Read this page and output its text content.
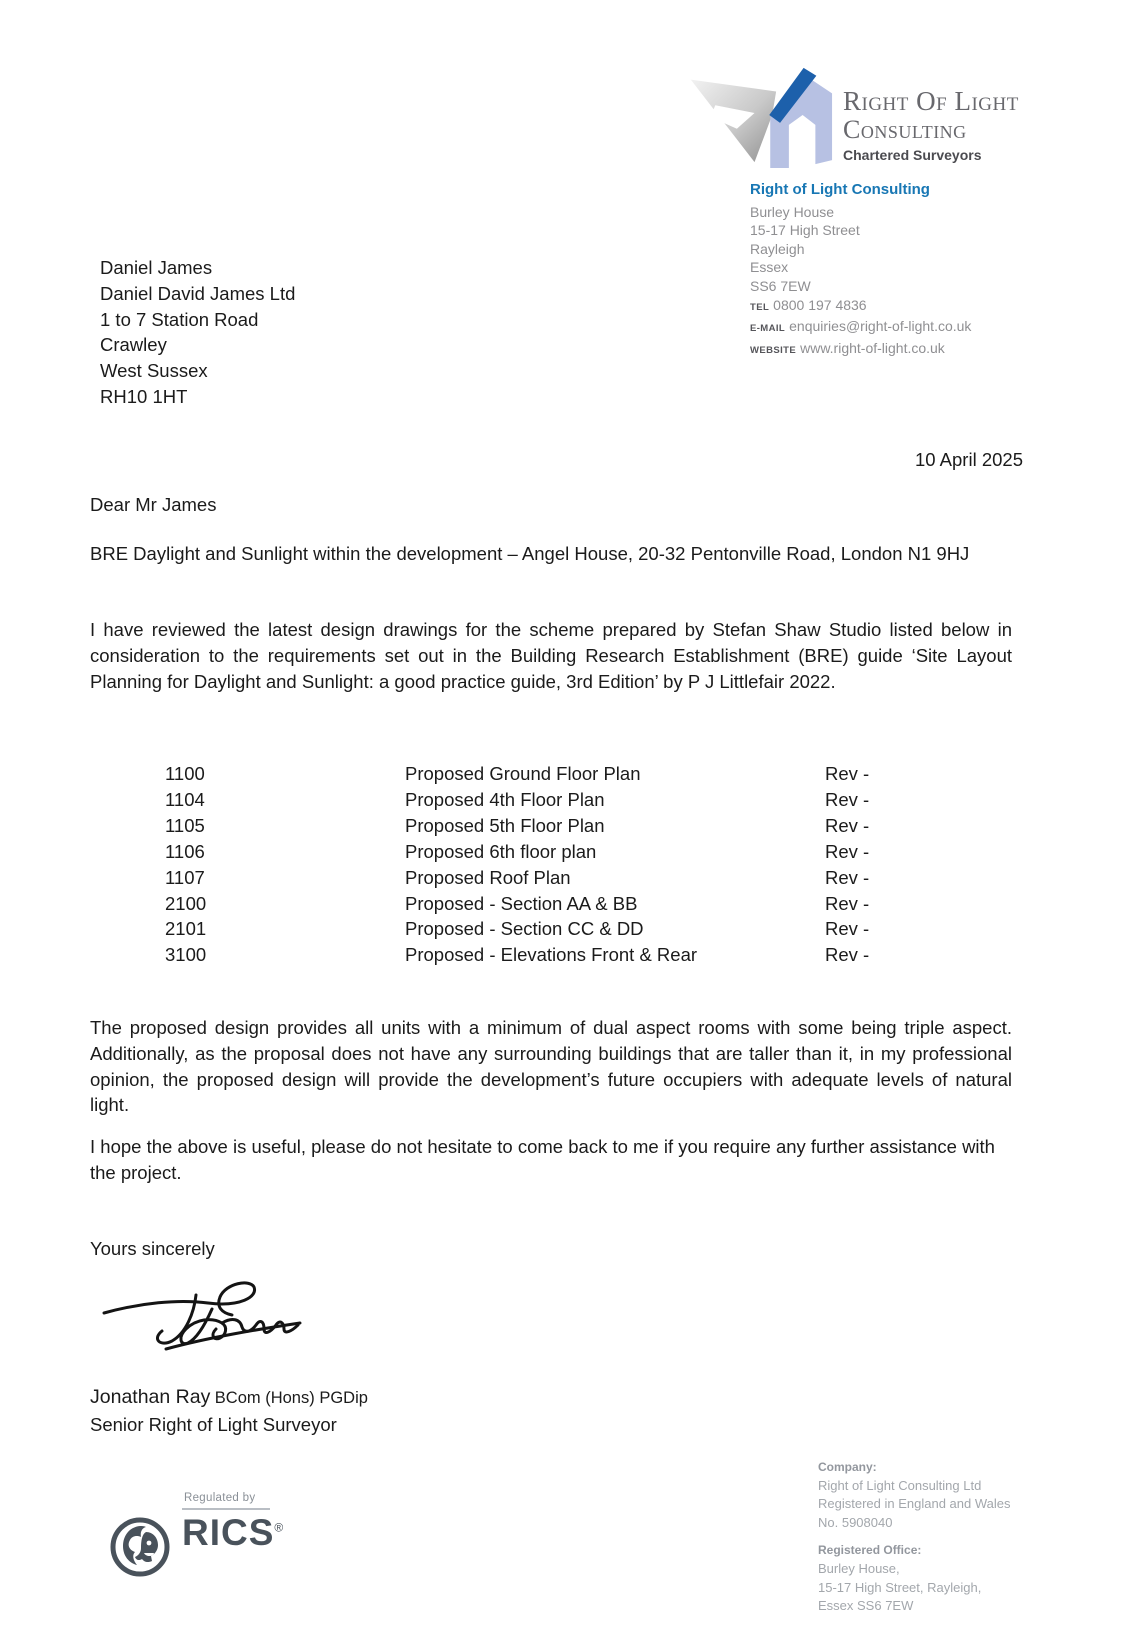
Right Of Light
Consulting
Chartered Surveyors
Right of Light Consulting
Burley House
15-17 High Street
Rayleigh
Essex
SS6 7EW
TEL 0800 197 4836
E-MAIL enquiries@right-of-light.co.uk
WEBSITE www.right-of-light.co.uk
Daniel James
Daniel David James Ltd
1 to 7 Station Road
Crawley
West Sussex
RH10 1HT
10 April 2025
Dear Mr James
BRE Daylight and Sunlight within the development – Angel House, 20-32 Pentonville Road, London N1 9HJ
I have reviewed the latest design drawings for the scheme prepared by Stefan Shaw Studio listed below in consideration to the requirements set out in the Building Research Establishment (BRE) guide ‘Site Layout Planning for Daylight and Sunlight: a good practice guide, 3rd Edition’ by P J Littlefair 2022.
1100	Proposed Ground Floor Plan	Rev -
1104	Proposed 4th Floor Plan	Rev -
1105	Proposed 5th Floor Plan	Rev -
1106	Proposed 6th floor plan	Rev -
1107	Proposed Roof Plan	Rev -
2100	Proposed - Section AA & BB	Rev -
2101	Proposed - Section CC & DD	Rev -
3100	Proposed - Elevations Front & Rear	Rev -
The proposed design provides all units with a minimum of dual aspect rooms with some being triple aspect. Additionally, as the proposal does not have any surrounding buildings that are taller than it, in my professional opinion, the proposed design will provide the development’s future occupiers with adequate levels of natural light.
I hope the above is useful, please do not hesitate to come back to me if you require any further assistance with the project.
Yours sincerely
Jonathan Ray BCom (Hons) PGDip
Senior Right of Light Surveyor
Regulated by
RICS®
Company:
Right of Light Consulting Ltd
Registered in England and Wales
No. 5908040
Registered Office:
Burley House,
15-17 High Street, Rayleigh,
Essex SS6 7EW
